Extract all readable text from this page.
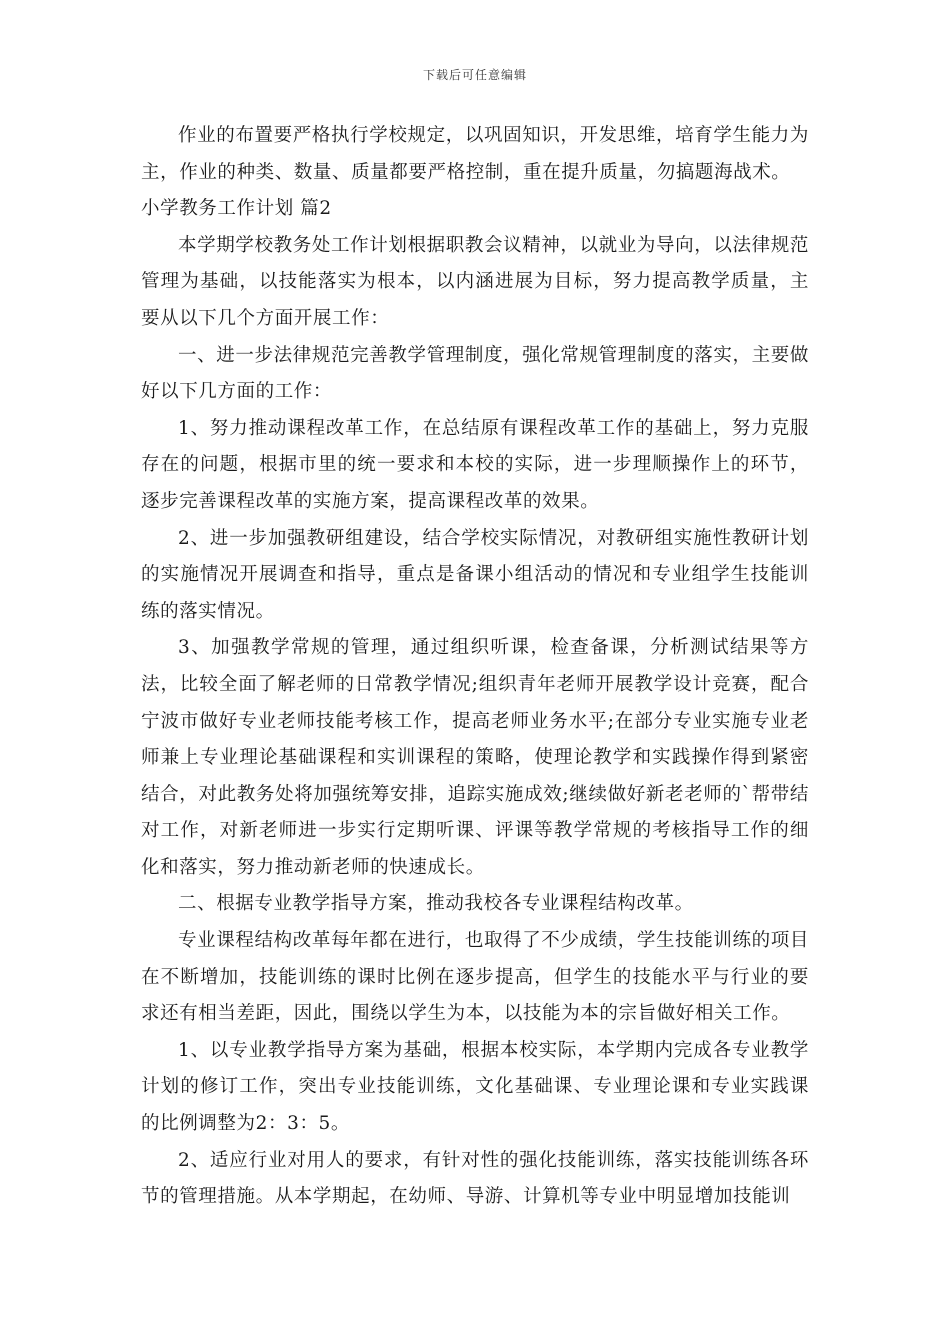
下载后可任意编辑

作业的布置要严格执行学校规定，以巩固知识，开发思维，培育学生能力为主，作业的种类、数量、质量都要严格控制，重在提升质量，勿搞题海战术。

小学教务工作计划 篇2

本学期学校教务处工作计划根据职教会议精神，以就业为导向，以法律规范管理为基础，以技能落实为根本，以内涵进展为目标，努力提高教学质量，主要从以下几个方面开展工作：

一、进一步法律规范完善教学管理制度，强化常规管理制度的落实，主要做好以下几方面的工作：

1、努力推动课程改革工作，在总结原有课程改革工作的基础上，努力克服存在的问题，根据市里的统一要求和本校的实际，进一步理顺操作上的环节，逐步完善课程改革的实施方案，提高课程改革的效果。

2、进一步加强教研组建设，结合学校实际情况，对教研组实施性教研计划的实施情况开展调查和指导，重点是备课小组活动的情况和专业组学生技能训练的落实情况。

3、加强教学常规的管理，通过组织听课，检查备课，分析测试结果等方法，比较全面了解老师的日常教学情况;组织青年老师开展教学设计竞赛，配合宁波市做好专业老师技能考核工作，提高老师业务水平;在部分专业实施专业老师兼上专业理论基础课程和实训课程的策略，使理论教学和实践操作得到紧密结合，对此教务处将加强统筹安排，追踪实施成效;继续做好新老老师的`帮带结对工作，对新老师进一步实行定期听课、评课等教学常规的考核指导工作的细化和落实，努力推动新老师的快速成长。

二、根据专业教学指导方案，推动我校各专业课程结构改革。

专业课程结构改革每年都在进行，也取得了不少成绩，学生技能训练的项目在不断增加，技能训练的课时比例在逐步提高，但学生的技能水平与行业的要求还有相当差距，因此，围绕以学生为本，以技能为本的宗旨做好相关工作。

1、以专业教学指导方案为基础，根据本校实际，本学期内完成各专业教学计划的修订工作，突出专业技能训练，文化基础课、专业理论课和专业实践课的比例调整为2：3：5。

2、适应行业对用人的要求，有针对性的强化技能训练，落实技能训练各环节的管理措施。从本学期起，在幼师、导游、计算机等专业中明显增加技能训
